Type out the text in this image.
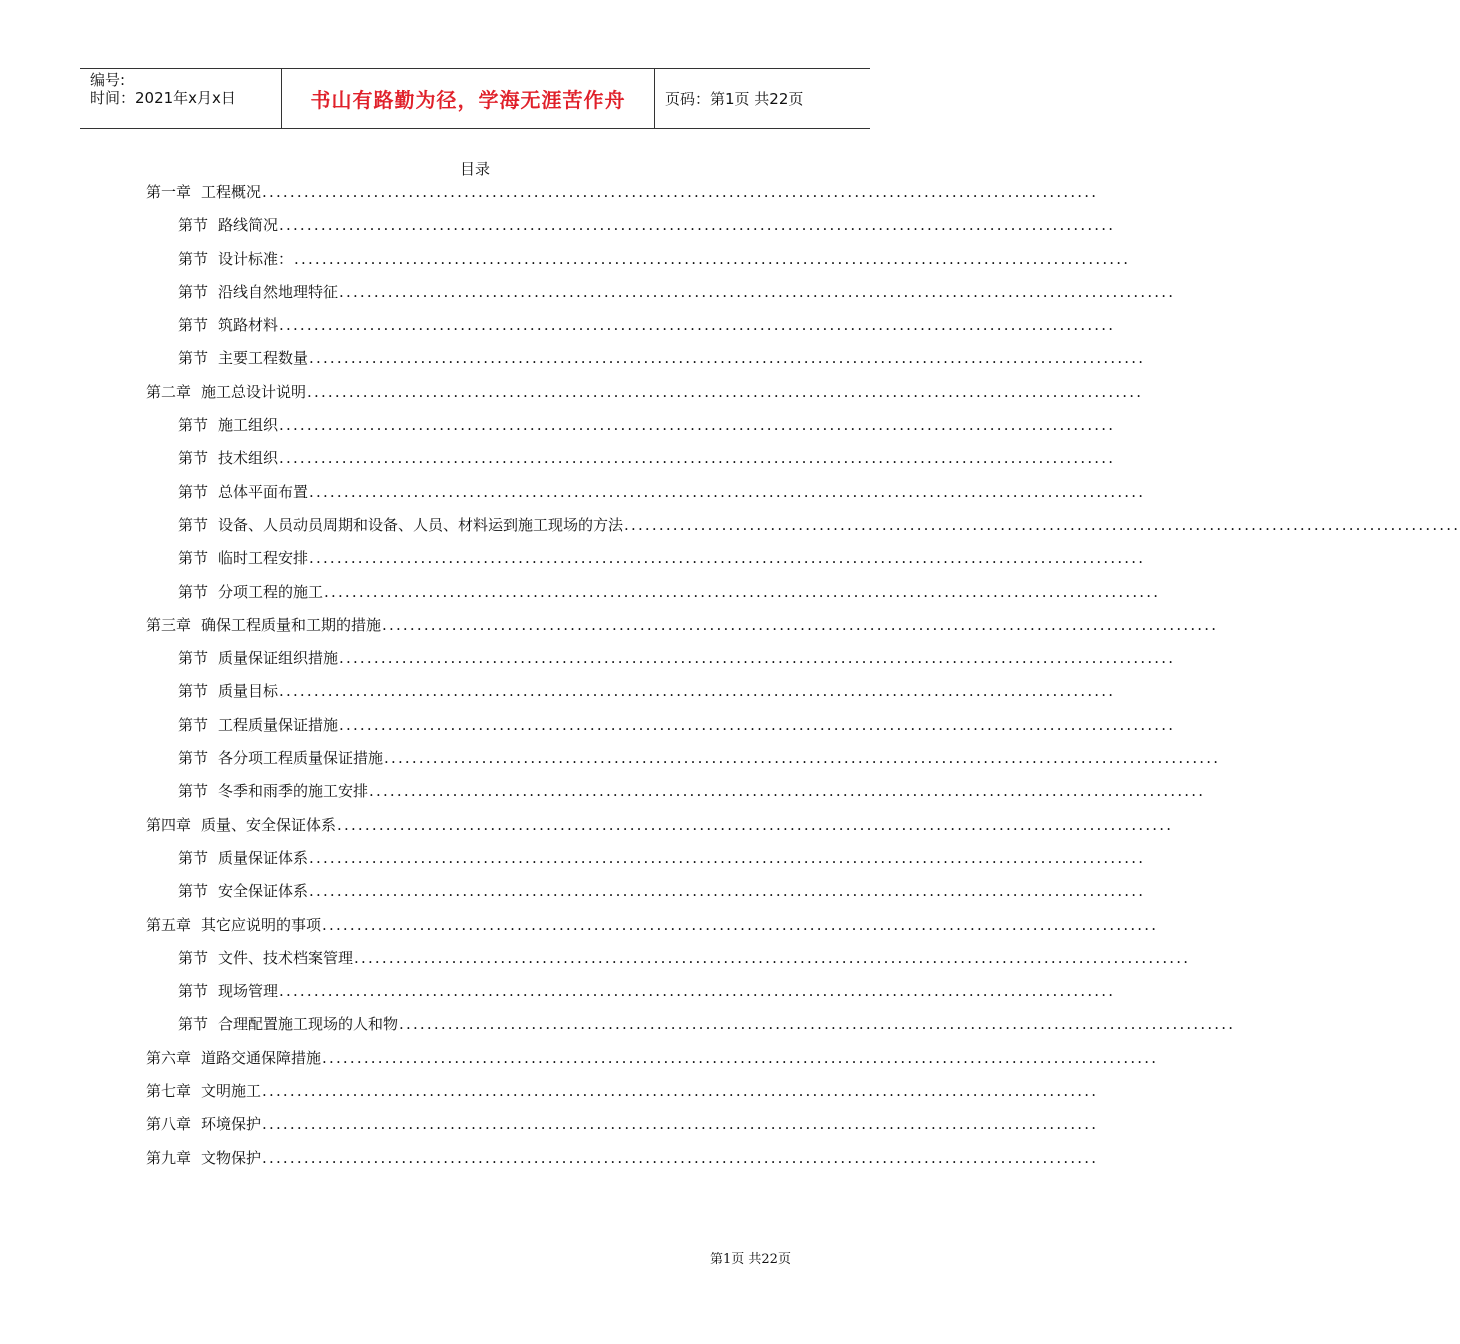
编号:
时间：2021年x月x日	书山有路勤为径，学海无涯苦作舟	页码：第1页 共22页
目录
第一章 工程概况 ........................................................................................................................
第节 路线简况 ........................................................................................................................
第节 设计标准： ........................................................................................................................
第节 沿线自然地理特征 ........................................................................................................................
第节 筑路材料 ........................................................................................................................
第节 主要工程数量 ........................................................................................................................
第二章 施工总设计说明 ........................................................................................................................
第节 施工组织 ........................................................................................................................
第节 技术组织 ........................................................................................................................
第节 总体平面布置 ........................................................................................................................
第节 设备、人员动员周期和设备、人员、材料运到施工现场的方法 ........................................................................................................................
第节 临时工程安排 ........................................................................................................................
第节 分项工程的施工 ........................................................................................................................
第三章 确保工程质量和工期的措施 ........................................................................................................................
第节 质量保证组织措施 ........................................................................................................................
第节 质量目标 ........................................................................................................................
第节 工程质量保证措施 ........................................................................................................................
第节 各分项工程质量保证措施 ........................................................................................................................
第节 冬季和雨季的施工安排 ........................................................................................................................
第四章 质量、安全保证体系 ........................................................................................................................
第节 质量保证体系 ........................................................................................................................
第节 安全保证体系 ........................................................................................................................
第五章 其它应说明的事项 ........................................................................................................................
第节 文件、技术档案管理 ........................................................................................................................
第节 现场管理 ........................................................................................................................
第节 合理配置施工现场的人和物 ........................................................................................................................
第六章 道路交通保障措施 ........................................................................................................................
第七章 文明施工 ........................................................................................................................
第八章 环境保护 ........................................................................................................................
第九章 文物保护 ........................................................................................................................
第1页 共22页
